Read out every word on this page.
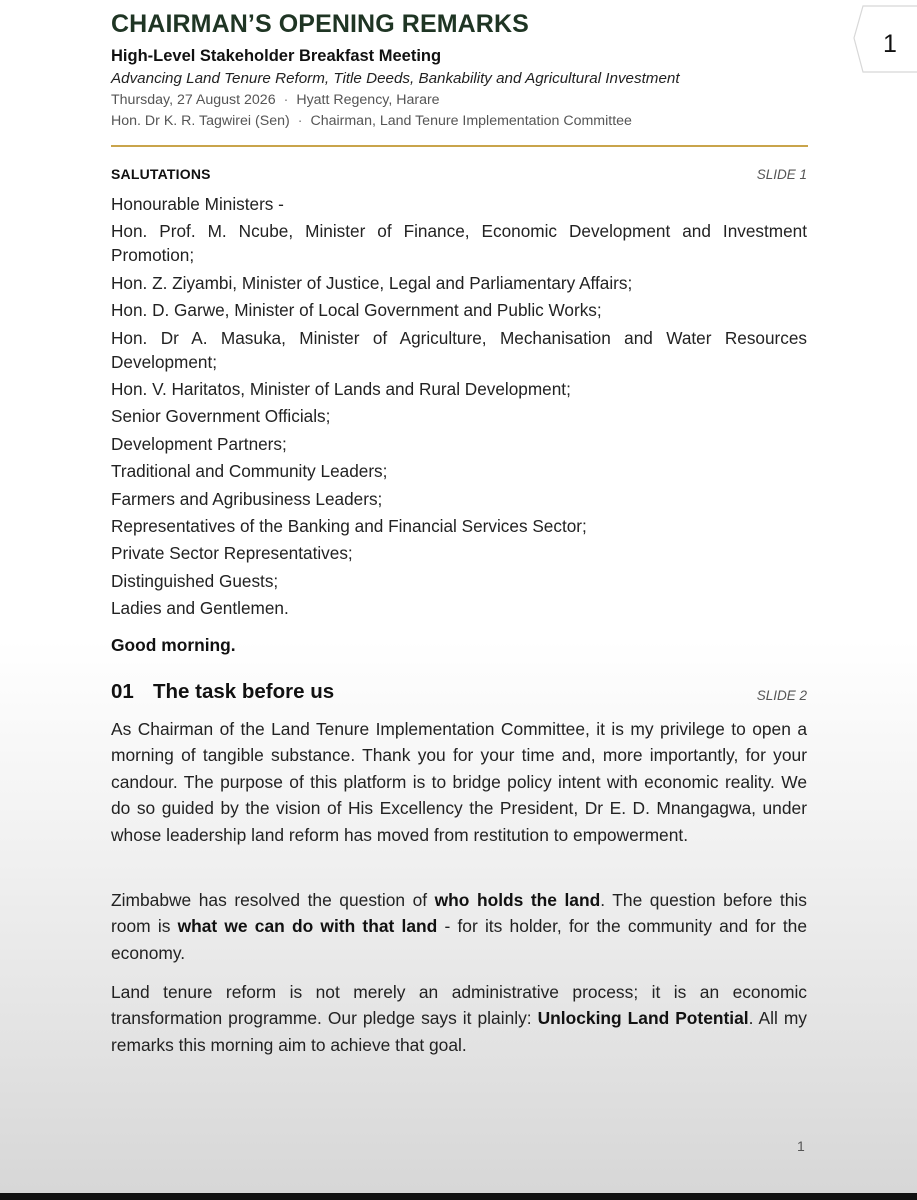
1
CHAIRMAN’S OPENING REMARKS
High-Level Stakeholder Breakfast Meeting
Advancing Land Tenure Reform, Title Deeds, Bankability and Agricultural Investment
Thursday, 27 August 2026 · Hyatt Regency, Harare
Hon. Dr K. R. Tagwirei (Sen) · Chairman, Land Tenure Implementation Committee
SALUTATIONS	SLIDE 1
Honourable Ministers -
Hon. Prof. M. Ncube, Minister of Finance, Economic Development and Investment Promotion;
Hon. Z. Ziyambi, Minister of Justice, Legal and Parliamentary Affairs;
Hon. D. Garwe, Minister of Local Government and Public Works;
Hon. Dr A. Masuka, Minister of Agriculture, Mechanisation and Water Resources Development;
Hon. V. Haritatos, Minister of Lands and Rural Development;
Senior Government Officials;
Development Partners;
Traditional and Community Leaders;
Farmers and Agribusiness Leaders;
Representatives of the Banking and Financial Services Sector;
Private Sector Representatives;
Distinguished Guests;
Ladies and Gentlemen.
Good morning.
01 The task before us	SLIDE 2

As Chairman of the Land Tenure Implementation Committee, it is my privilege to open a morning of tangible substance. Thank you for your time and, more importantly, for your candour. The purpose of this platform is to bridge policy intent with economic reality. We do so guided by the vision of His Excellency the President, Dr E. D. Mnangagwa, under whose leadership land reform has moved from restitution to empowerment.

Zimbabwe has resolved the question of who holds the land. The question before this room is what we can do with that land - for its holder, for the community and for the economy.

Land tenure reform is not merely an administrative process; it is an economic transformation programme. Our pledge says it plainly: Unlocking Land Potential. All my remarks this morning aim to achieve that goal.

1
